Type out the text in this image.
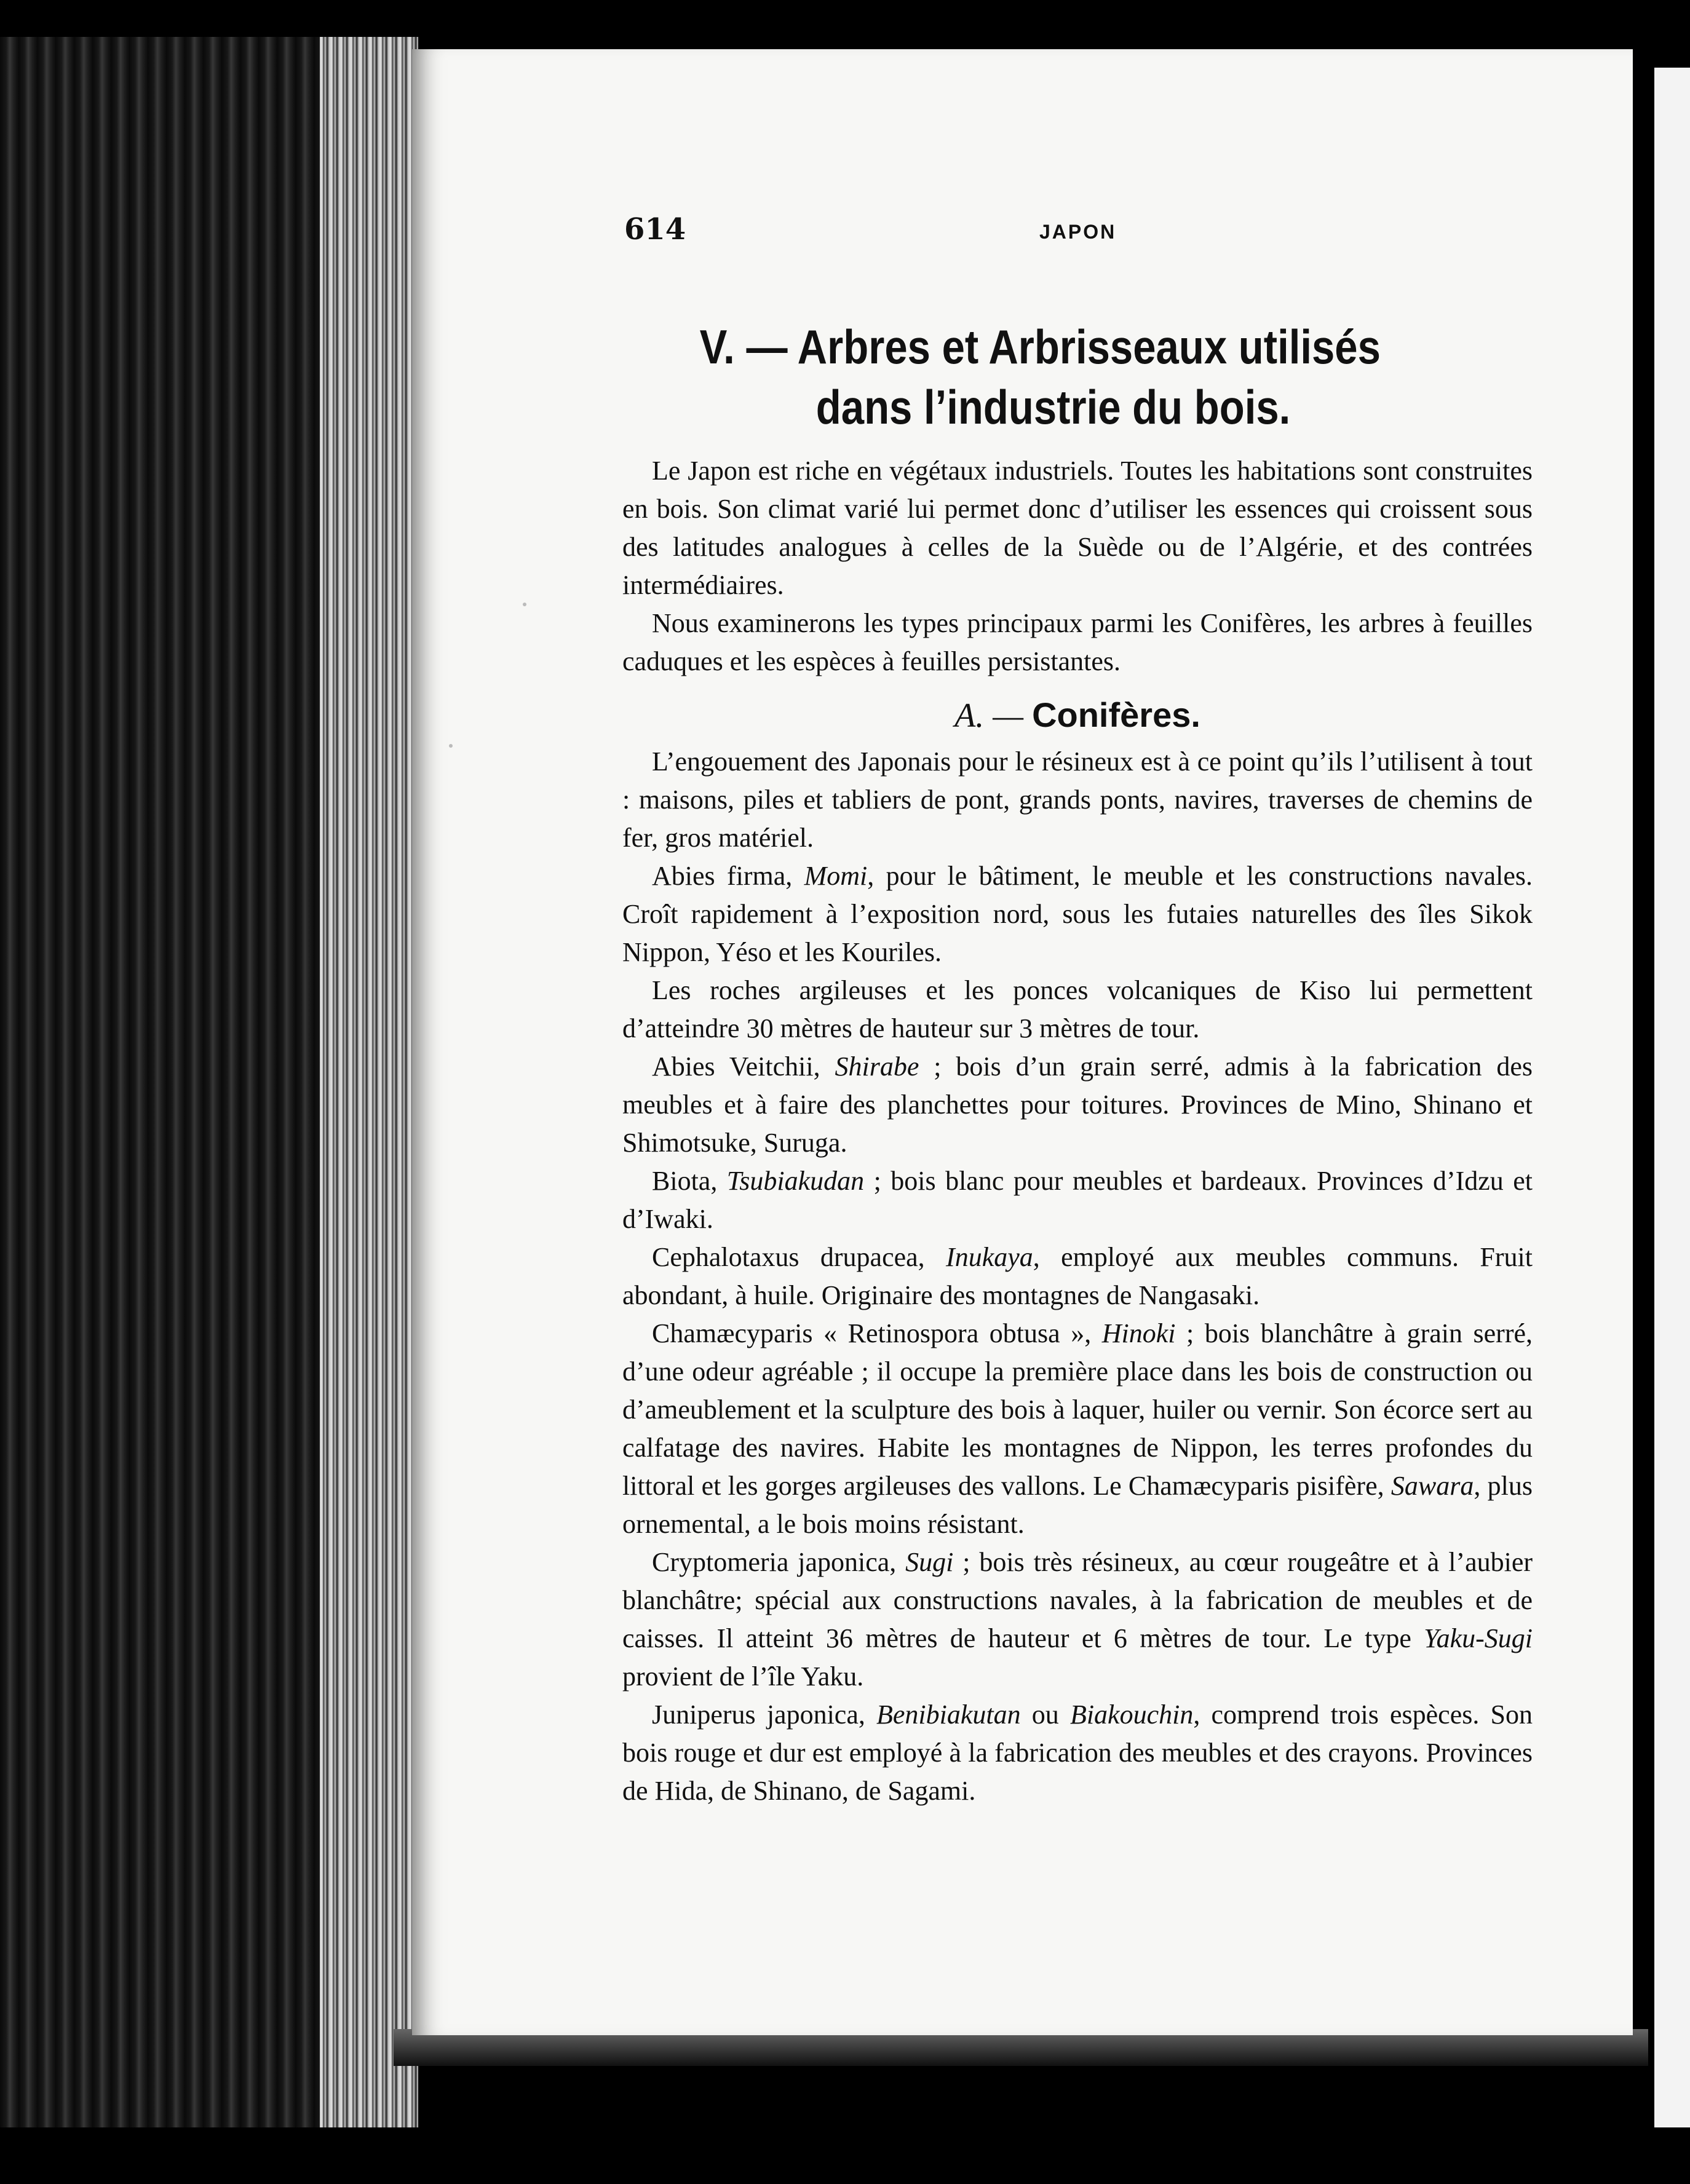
614	JAPON
V. — Arbres et Arbrisseaux utilisés
dans l’industrie du bois.

Le Japon est riche en végétaux industriels. Toutes les habitations sont construites en bois. Son climat varié lui permet donc d’utiliser les essences qui croissent sous des latitudes analogues à celles de la Suède ou de l’Algérie, et des contrées intermédiaires.

Nous examinerons les types principaux parmi les Conifères, les arbres à feuilles caduques et les espèces à feuilles persistantes.

A. — Conifères.

L’engouement des Japonais pour le résineux est à ce point qu’ils l’utilisent à tout : maisons, piles et tabliers de pont, grands ponts, navires, traverses de chemins de fer, gros matériel.

Abies firma, Momi, pour le bâtiment, le meuble et les constructions navales. Croît rapidement à l’exposition nord, sous les futaies naturelles des îles Sikok Nippon, Yéso et les Kouriles.

Les roches argileuses et les ponces volcaniques de Kiso lui permettent d’atteindre 30 mètres de hauteur sur 3 mètres de tour.

Abies Veitchii, Shirabe ; bois d’un grain serré, admis à la fabrication des meubles et à faire des planchettes pour toitures. Provinces de Mino, Shinano et Shimotsuke, Suruga.

Biota, Tsubiakudan ; bois blanc pour meubles et bardeaux. Provinces d’Idzu et d’Iwaki.

Cephalotaxus drupacea, Inukaya, employé aux meubles communs. Fruit abondant, à huile. Originaire des montagnes de Nangasaki.

Chamæcyparis « Retinospora obtusa », Hinoki ; bois blanchâtre à grain serré, d’une odeur agréable ; il occupe la première place dans les bois de construction ou d’ameublement et la sculpture des bois à laquer, huiler ou vernir. Son écorce sert au calfatage des navires. Habite les montagnes de Nippon, les terres profondes du littoral et les gorges argileuses des vallons. Le Chamæcyparis pisifère, Sawara, plus ornemental, a le bois moins résistant.

Cryptomeria japonica, Sugi ; bois très résineux, au cœur rougeâtre et à l’aubier blanchâtre; spécial aux constructions navales, à la fabrication de meubles et de caisses. Il atteint 36 mètres de hauteur et 6 mètres de tour. Le type Yaku-Sugi provient de l’île Yaku.

Juniperus japonica, Benibiakutan ou Biakouchin, comprend trois espèces. Son bois rouge et dur est employé à la fabrication des meubles et des crayons. Provinces de Hida, de Shinano, de Sagami.
